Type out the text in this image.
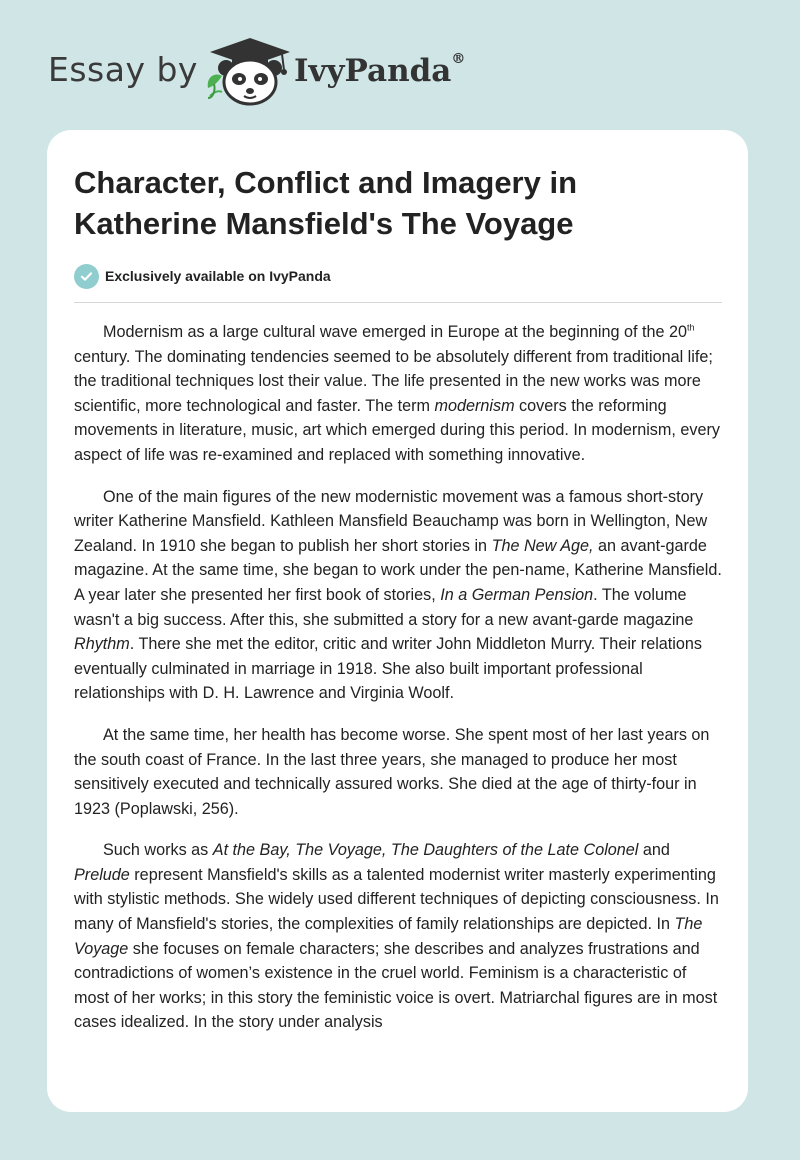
Essay by	IvyPanda®
Character, Conflict and Imagery in Katherine Mansfield's The Voyage
Exclusively available on IvyPanda

Modernism as a large cultural wave emerged in Europe at the beginning of the 20th century. The dominating tendencies seemed to be absolutely different from traditional life; the traditional techniques lost their value. The life presented in the new works was more scientific, more technological and faster. The term modernism covers the reforming movements in literature, music, art which emerged during this period. In modernism, every aspect of life was re-examined and replaced with something innovative.

One of the main figures of the new modernistic movement was a famous short-story writer Katherine Mansfield. Kathleen Mansfield Beauchamp was born in Wellington, New Zealand. In 1910 she began to publish her short stories in The New Age, an avant-garde magazine. At the same time, she began to work under the pen-name, Katherine Mansfield. A year later she presented her first book of stories, In a German Pension. The volume wasn't a big success. After this, she submitted a story for a new avant-garde magazine Rhythm. There she met the editor, critic and writer John Middleton Murry. Their relations eventually culminated in marriage in 1918. She also built important professional relationships with D. H. Lawrence and Virginia Woolf.

At the same time, her health has become worse. She spent most of her last years on the south coast of France. In the last three years, she managed to produce her most sensitively executed and technically assured works. She died at the age of thirty-four in 1923 (Poplawski, 256).

Such works as At the Bay, The Voyage, The Daughters of the Late Colonel and Prelude represent Mansfield's skills as a talented modernist writer masterly experimenting with stylistic methods. She widely used different techniques of depicting consciousness. In many of Mansfield's stories, the complexities of family relationships are depicted. In The Voyage she focuses on female characters; she describes and analyzes frustrations and contradictions of women’s existence in the cruel world. Feminism is a characteristic of most of her works; in this story the feministic voice is overt. Matriarchal figures are in most cases idealized. In the story under analysis
